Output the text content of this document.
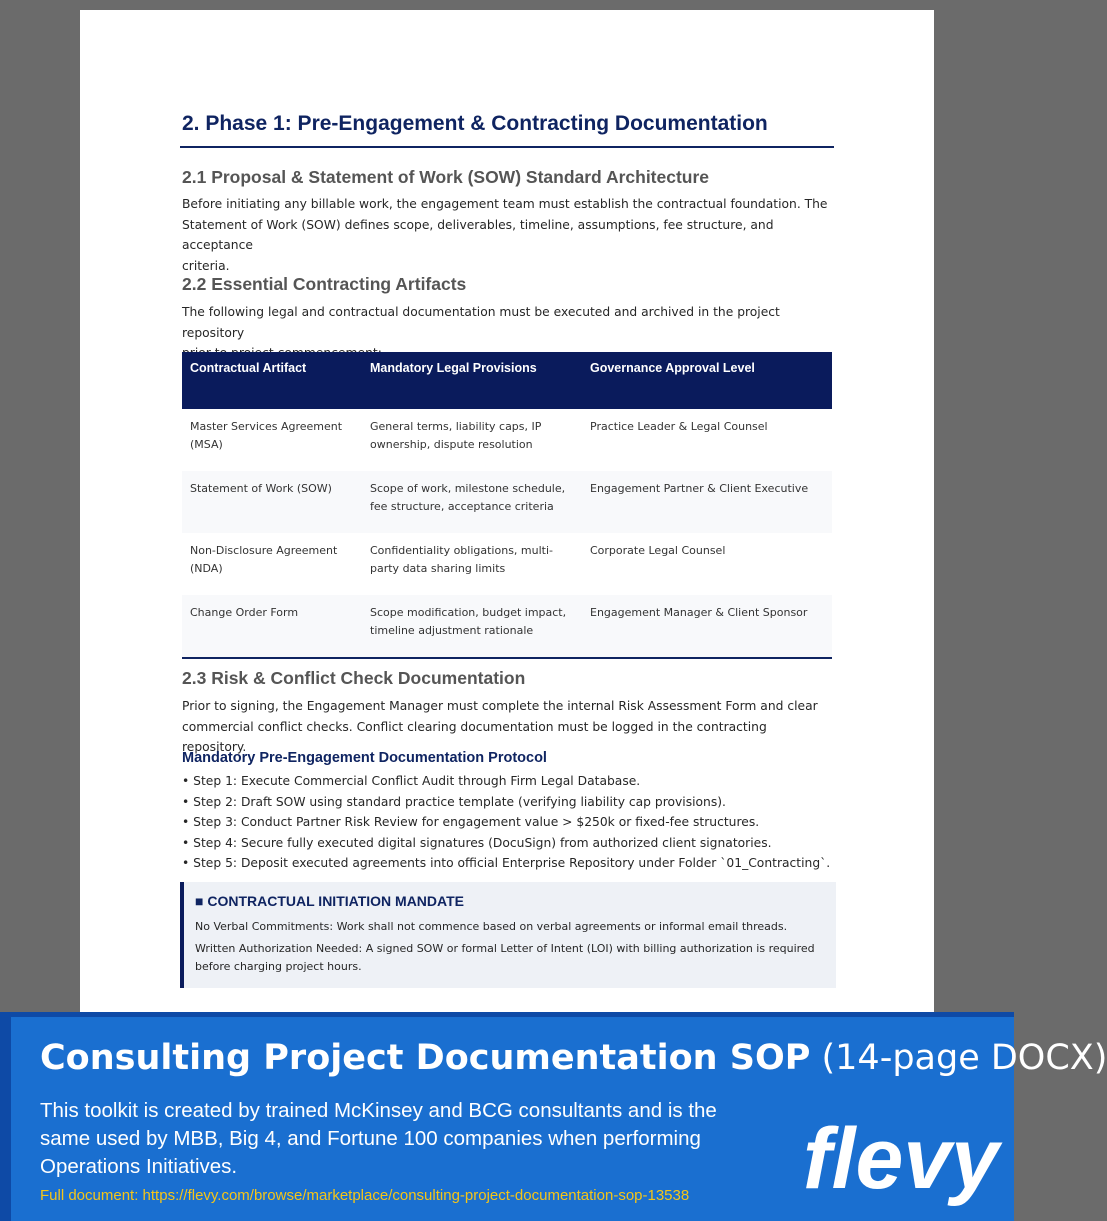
2. Phase 1: Pre-Engagement & Contracting Documentation
2.1 Proposal & Statement of Work (SOW) Standard Architecture
Before initiating any billable work, the engagement team must establish the contractual foundation. The
Statement of Work (SOW) defines scope, deliverables, timeline, assumptions, fee structure, and acceptance
criteria.
2.2 Essential Contracting Artifacts
The following legal and contractual documentation must be executed and archived in the project repository
Contractual Artifact	Mandatory Legal Provisions	Governance Approval Level
Master Services Agreement (MSA)	General terms, liability caps, IP ownership, dispute resolution	Practice Leader & Legal Counsel
Statement of Work (SOW)	Scope of work, milestone schedule, fee structure, acceptance criteria	Engagement Partner & Client Executive
Non-Disclosure Agreement (NDA)	Confidentiality obligations, multi-party data sharing limits	Corporate Legal Counsel
Change Order Form	Scope modification, budget impact, timeline adjustment rationale	Engagement Manager & Client Sponsor
2.3 Risk & Conflict Check Documentation
Prior to signing, the Engagement Manager must complete the internal Risk Assessment Form and clear
commercial conflict checks. Conflict clearing documentation must be logged in the contracting repository.
Mandatory Pre-Engagement Documentation Protocol
• Step 1: Execute Commercial Conflict Audit through Firm Legal Database.
• Step 2: Draft SOW using standard practice template (verifying liability cap provisions).
• Step 3: Conduct Partner Risk Review for engagement value > $250k or fixed-fee structures.
• Step 4: Secure fully executed digital signatures (DocuSign) from authorized client signatories.
• Step 5: Deposit executed agreements into official Enterprise Repository under Folder `01_Contracting`.
■ CONTRACTUAL INITIATION MANDATE
No Verbal Commitments: Work shall not commence based on verbal agreements or informal email threads.
Written Authorization Needed: A signed SOW or formal Letter of Intent (LOI) with billing authorization is required
before charging project hours.
Consulting Project Documentation SOP (14-page DOCX)
This toolkit is created by trained McKinsey and BCG consultants and is the
same used by MBB, Big 4, and Fortune 100 companies when performing
Operations Initiatives.
Full document: https://flevy.com/browse/marketplace/consulting-project-documentation-sop-13538 flevy
